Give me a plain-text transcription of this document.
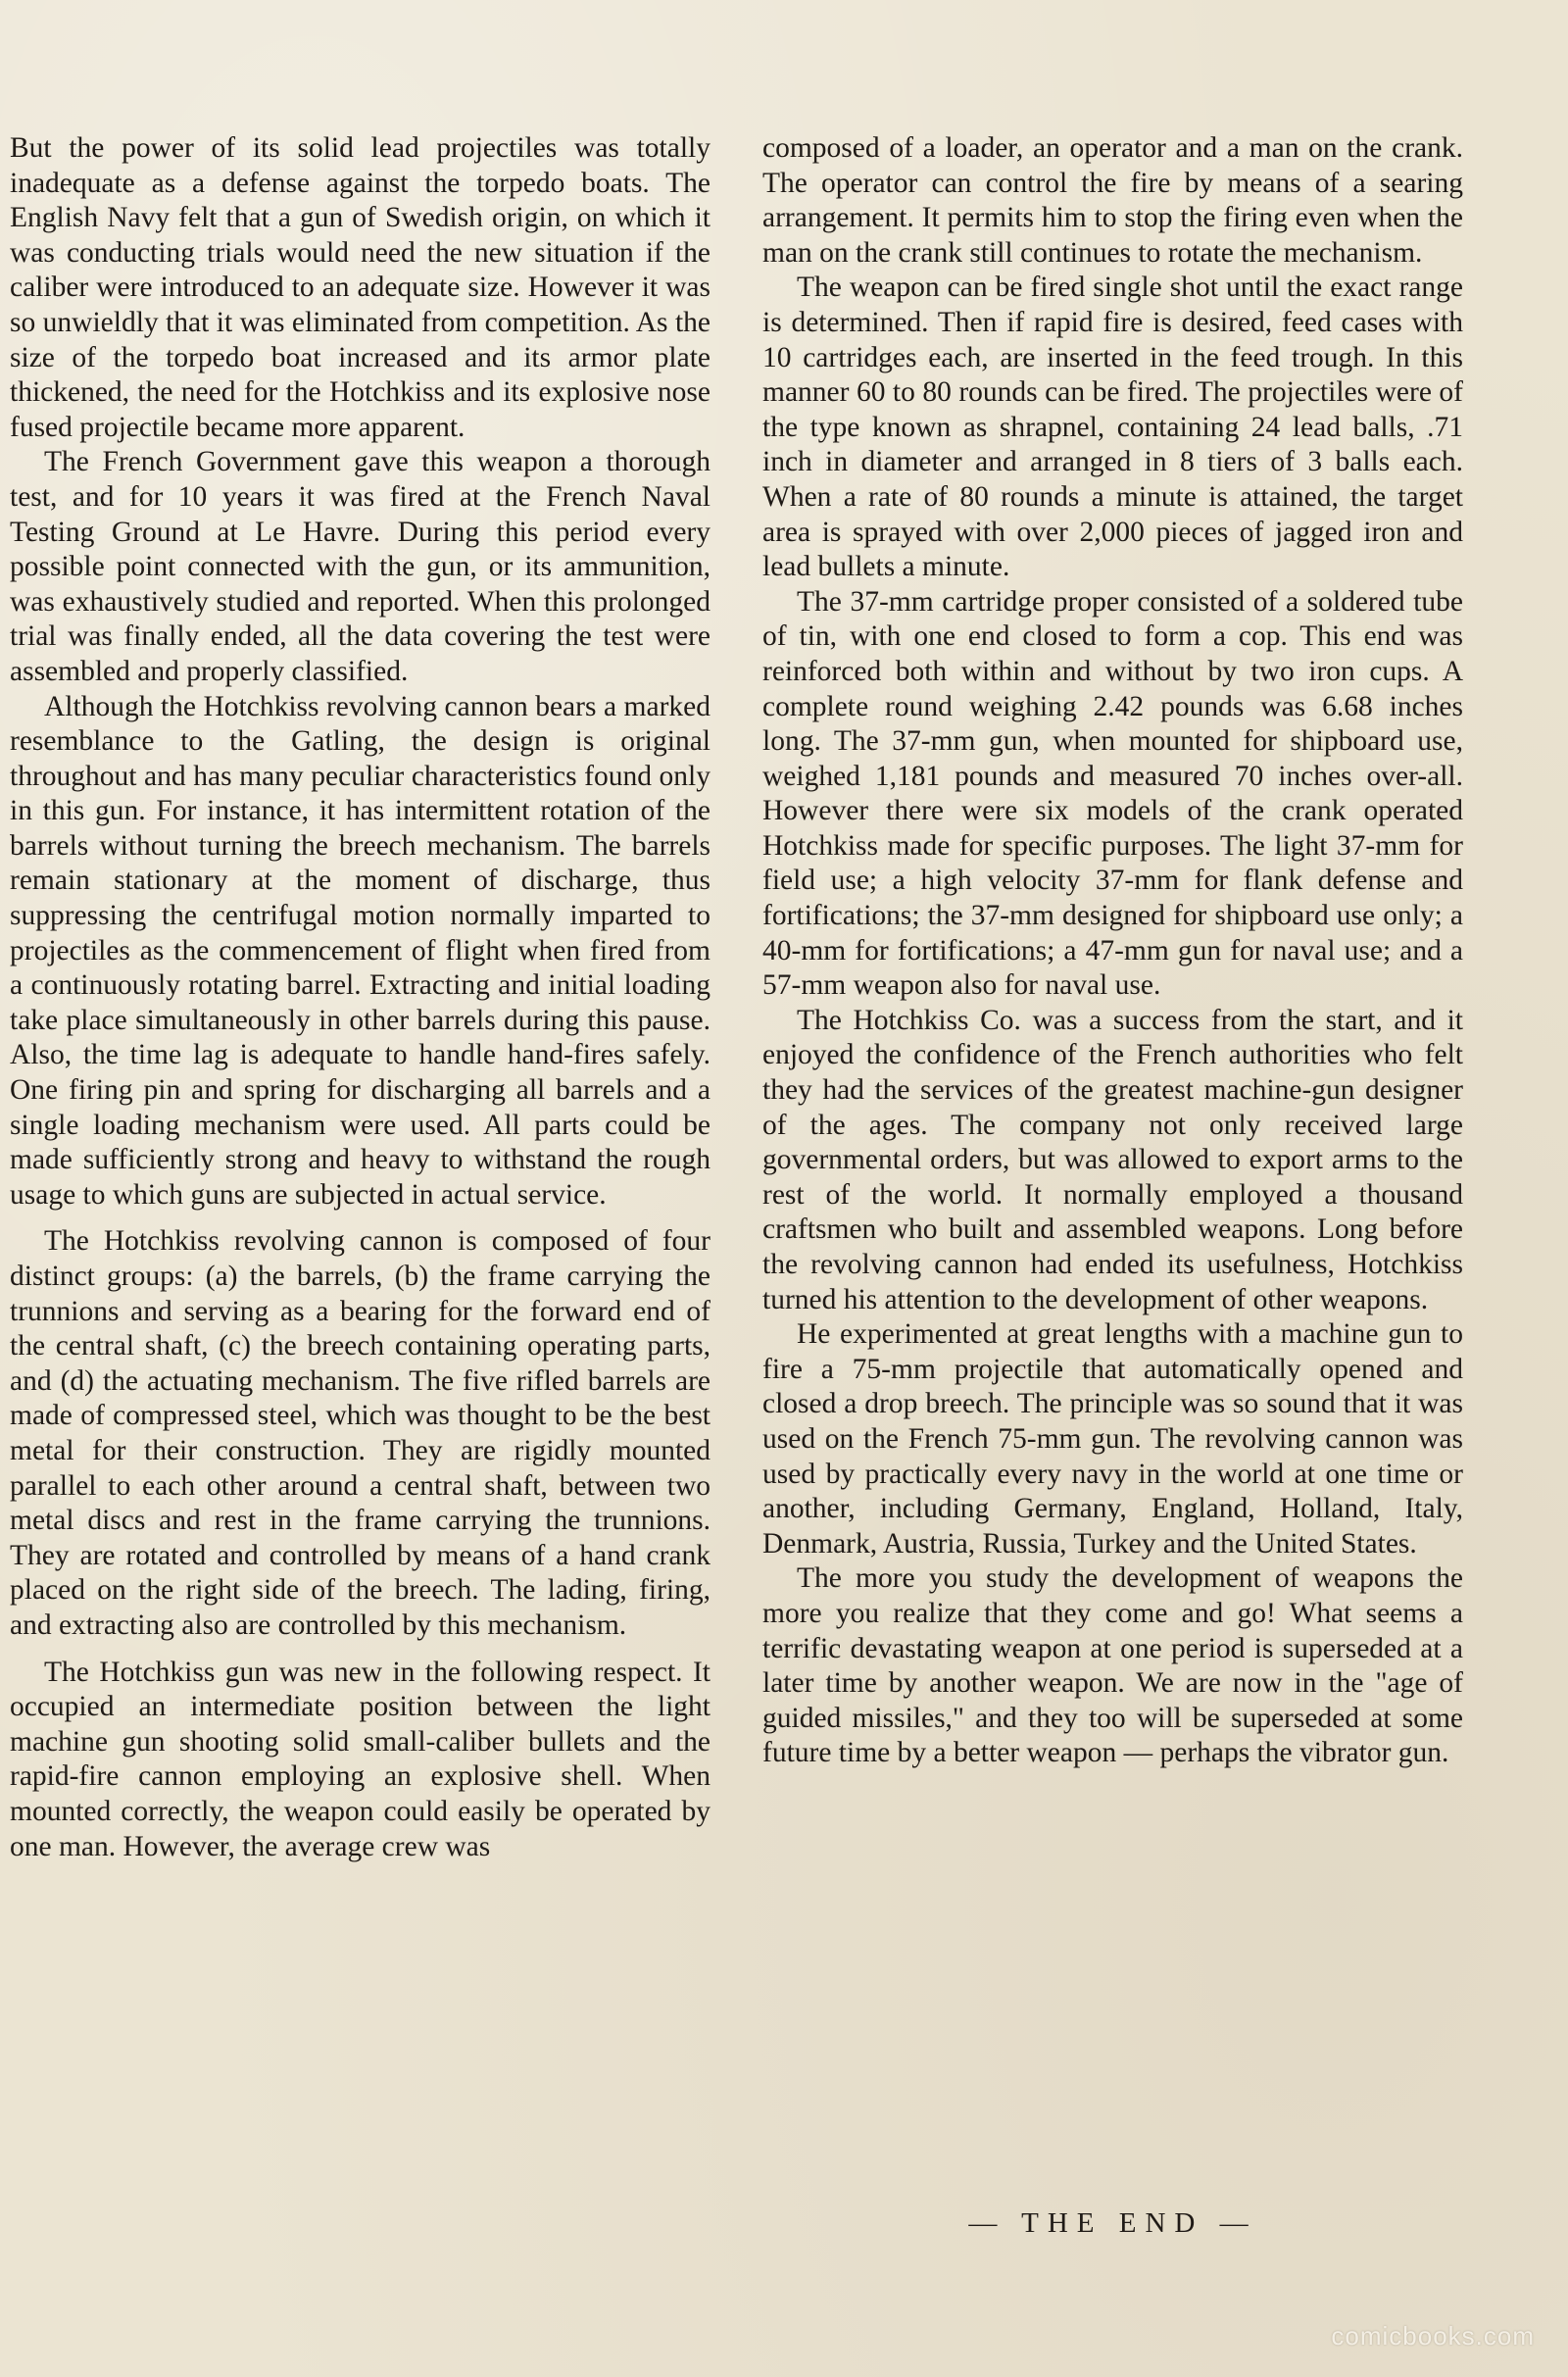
But the power of its solid lead projectiles was totally inadequate as a defense against the torpedo boats. The English Navy felt that a gun of Swedish origin, on which it was conducting trials would need the new situation if the caliber were introduced to an adequate size. However it was so unwieldly that it was eliminated from competition. As the size of the torpedo boat increased and its armor plate thickened, the need for the Hotchkiss and its explosive nose fused projectile became more apparent.

The French Government gave this weapon a thorough test, and for 10 years it was fired at the French Naval Testing Ground at Le Havre. During this period every possible point connected with the gun, or its ammunition, was exhaustively studied and reported. When this prolonged trial was finally ended, all the data covering the test were assembled and properly classified.

Although the Hotchkiss revolving cannon bears a marked resemblance to the Gatling, the design is original throughout and has many peculiar characteristics found only in this gun. For instance, it has intermittent rotation of the barrels without turning the breech mechanism. The barrels remain stationary at the moment of discharge, thus suppressing the centrifugal motion normally imparted to projectiles as the commencement of flight when fired from a continuously rotating barrel. Extracting and initial loading take place simultaneously in other barrels during this pause. Also, the time lag is adequate to handle hand-fires safely. One firing pin and spring for discharging all barrels and a single loading mechanism were used. All parts could be made sufficiently strong and heavy to withstand the rough usage to which guns are subjected in actual service.

The Hotchkiss revolving cannon is composed of four distinct groups: (a) the barrels, (b) the frame carrying the trunnions and serving as a bearing for the forward end of the central shaft, (c) the breech containing operating parts, and (d) the actuating mechanism. The five rifled barrels are made of compressed steel, which was thought to be the best metal for their construction. They are rigidly mounted parallel to each other around a central shaft, between two metal discs and rest in the frame carrying the trunnions. They are rotated and controlled by means of a hand crank placed on the right side of the breech. The lading, firing, and extracting also are controlled by this mechanism.

The Hotchkiss gun was new in the following respect. It occupied an intermediate position between the light machine gun shooting solid small-caliber bullets and the rapid-fire cannon employing an explosive shell. When mounted correctly, the weapon could easily be operated by one man. However, the average crew was

composed of a loader, an operator and a man on the crank. The operator can control the fire by means of a searing arrangement. It permits him to stop the firing even when the man on the crank still continues to rotate the mechanism.

The weapon can be fired single shot until the exact range is determined. Then if rapid fire is desired, feed cases with 10 cartridges each, are inserted in the feed trough. In this manner 60 to 80 rounds can be fired. The projectiles were of the type known as shrapnel, containing 24 lead balls, .71 inch in diameter and arranged in 8 tiers of 3 balls each. When a rate of 80 rounds a minute is attained, the target area is sprayed with over 2,000 pieces of jagged iron and lead bullets a minute.

The 37-mm cartridge proper consisted of a soldered tube of tin, with one end closed to form a cop. This end was reinforced both within and without by two iron cups. A complete round weighing 2.42 pounds was 6.68 inches long. The 37-mm gun, when mounted for shipboard use, weighed 1,181 pounds and measured 70 inches over-all. However there were six models of the crank operated Hotchkiss made for specific purposes. The light 37-mm for field use; a high velocity 37-mm for flank defense and fortifications; the 37-mm designed for shipboard use only; a 40-mm for fortifications; a 47-mm gun for naval use; and a 57-mm weapon also for naval use.

The Hotchkiss Co. was a success from the start, and it enjoyed the confidence of the French authorities who felt they had the services of the greatest machine-gun designer of the ages. The company not only received large governmental orders, but was allowed to export arms to the rest of the world. It normally employed a thousand craftsmen who built and assembled weapons. Long before the revolving cannon had ended its usefulness, Hotchkiss turned his attention to the development of other weapons.

He experimented at great lengths with a machine gun to fire a 75-mm projectile that automatically opened and closed a drop breech. The principle was so sound that it was used on the French 75-mm gun. The revolving cannon was used by practically every navy in the world at one time or another, including Germany, England, Holland, Italy, Denmark, Austria, Russia, Turkey and the United States.

The more you study the development of weapons the more you realize that they come and go! What seems a terrific devastating weapon at one period is superseded at a later time by another weapon. We are now in the "age of guided missiles," and they too will be superseded at some future time by a better weapon — perhaps the vibrator gun.

— THE END —
comicbooks.com
